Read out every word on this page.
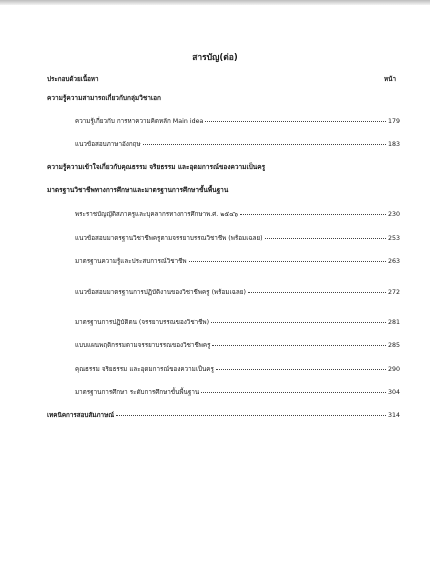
สารบัญ(ต่อ)
ประกอบด้วยเนื้อหา	หน้า
ความรู้ความสามารถเกี่ยวกับกลุ่มวิชาเอก
ความรู้เกี่ยวกับ การหาความคิดหลัก Main idea	179
แนวข้อสอบภาษาอังกฤษ	183
ความรู้ความเข้าใจเกี่ยวกับคุณธรรม จริยธรรม และอุดมการณ์ของความเป็นครู
มาตรฐานวิชาชีพทางการศึกษาและมาตรฐานการศึกษาขั้นพื้นฐาน
พระราชบัญญัติสภาครูและบุคลากรทางการศึกษาพ.ศ. ๒๕๔๖	230
แนวข้อสอบมาตรฐานวิชาชีพครูตามจรรยาบรรณวิชาชีพ (พร้อมเฉลย)	253
มาตรฐานความรู้และประสบการณ์วิชาชีพ	263
แนวข้อสอบมาตรฐานการปฏิบัติงานของวิชาชีพครู (พร้อมเฉลย)	272
มาตรฐานการปฏิบัติตน (จรรยาบรรณของวิชาชีพ)	281
แบบแผนพฤติกรรมตามจรรยาบรรณของวิชาชีพครู	285
คุณธรรม จริยธรรม และอุดมการณ์ของความเป็นครู	290
มาตรฐานการศึกษา ระดับการศึกษาขั้นพื้นฐาน	304
เทคนิคการสอบสัมภาษณ์	314
